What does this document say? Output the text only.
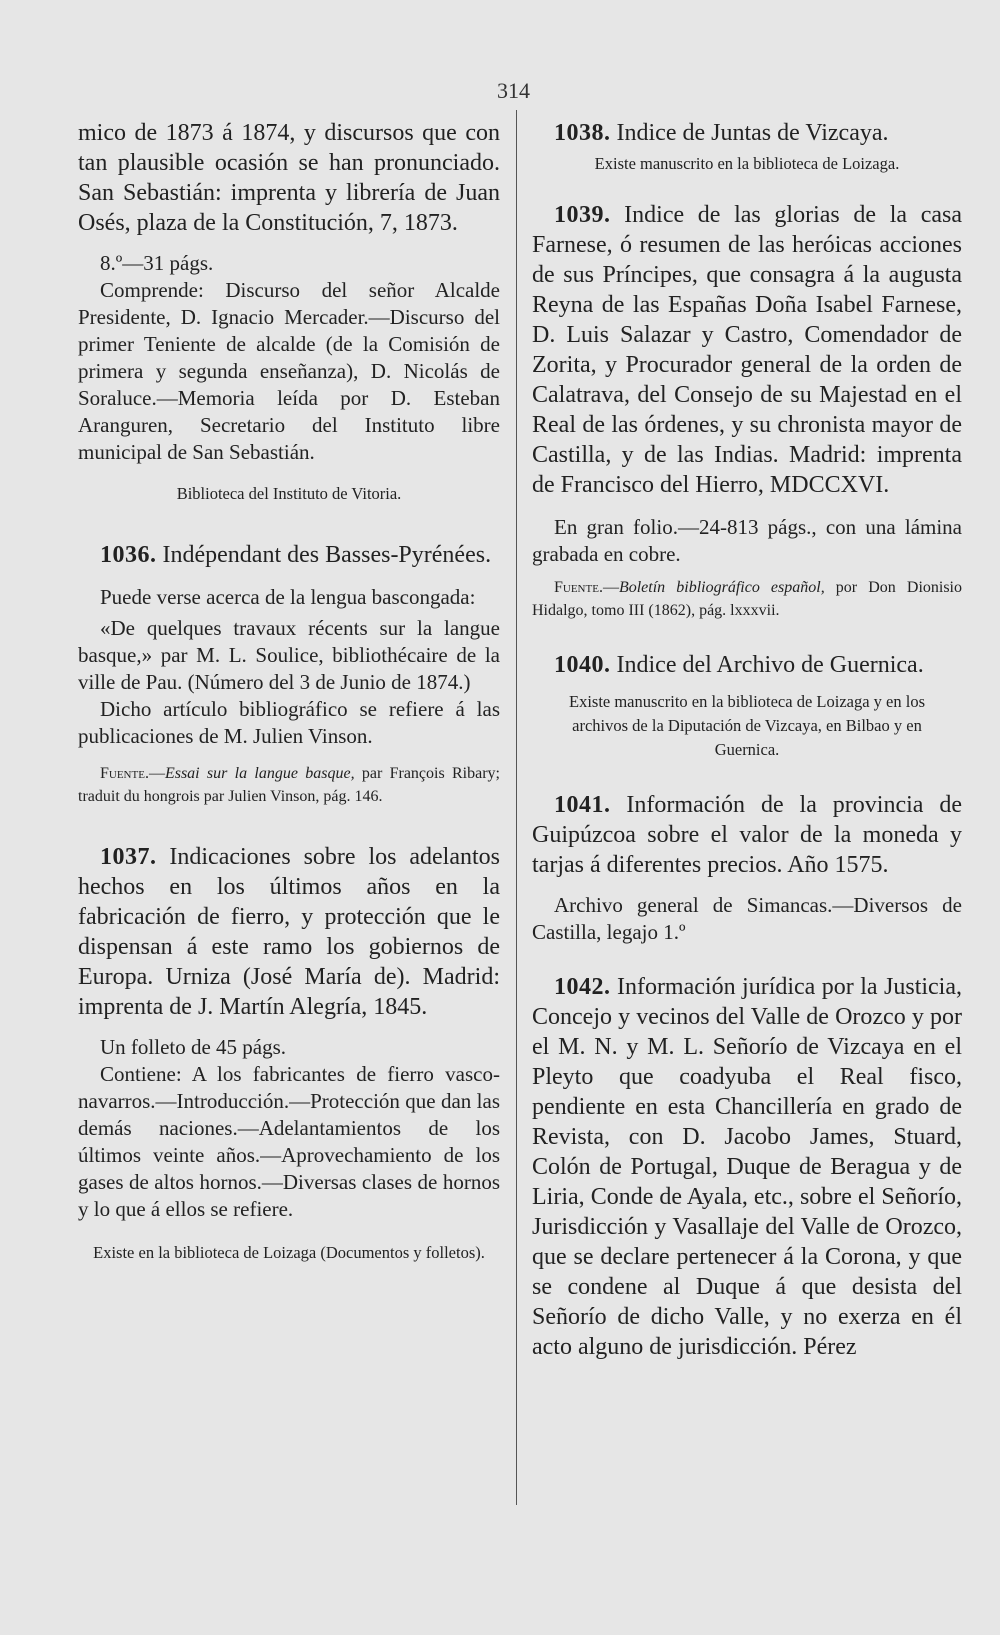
314

mico de 1873 á 1874, y discursos que con tan plausible ocasión se han pronunciado. San Sebastián: imprenta y librería de Juan Osés, plaza de la Constitución, 7, 1873.

8.º—31 págs.

Comprende: Discurso del señor Alcalde Presidente, D. Ignacio Mercader.—Discurso del primer Teniente de alcalde (de la Comisión de primera y segunda enseñanza), D. Nicolás de Soraluce.—Memoria leída por D. Esteban Aranguren, Secretario del Instituto libre municipal de San Sebastián.

Biblioteca del Instituto de Vitoria.

1036. Indépendant des Basses-Pyrénées.

Puede verse acerca de la lengua bascongada:

«De quelques travaux récents sur la langue basque,» par M. L. Soulice, bibliothécaire de la ville de Pau. (Número del 3 de Junio de 1874.)

Dicho artículo bibliográfico se refiere á las publicaciones de M. Julien Vinson.

Fuente.—Essai sur la langue basque, par François Ribary; traduit du hongrois par Julien Vinson, pág. 146.

1037. Indicaciones sobre los adelantos hechos en los últimos años en la fabricación de fierro, y protección que le dispensan á este ramo los gobiernos de Europa. Urniza (José María de). Madrid: imprenta de J. Martín Alegría, 1845.

Un folleto de 45 págs.

Contiene: A los fabricantes de fierro vasco-navarros.—Introducción.—Protección que dan las demás naciones.—Adelantamientos de los últimos veinte años.—Aprovechamiento de los gases de altos hornos.—Diversas clases de hornos y lo que á ellos se refiere.

Existe en la biblioteca de Loizaga (Documentos y folletos).

1038. Indice de Juntas de Vizcaya.

Existe manuscrito en la biblioteca de Loizaga.

1039. Indice de las glorias de la casa Farnese, ó resumen de las heróicas acciones de sus Príncipes, que consagra á la augusta Reyna de las Españas Doña Isabel Farnese, D. Luis Salazar y Castro, Comendador de Zorita, y Procurador general de la orden de Calatrava, del Consejo de su Majestad en el Real de las órdenes, y su chronista mayor de Castilla, y de las Indias. Madrid: imprenta de Francisco del Hierro, MDCCXVI.

En gran folio.—24-813 págs., con una lámina grabada en cobre.

Fuente.—Boletín bibliográfico español, por Don Dionisio Hidalgo, tomo III (1862), pág. lxxxvii.

1040. Indice del Archivo de Guernica.

Existe manuscrito en la biblioteca de Loizaga y en los archivos de la Diputación de Vizcaya, en Bilbao y en Guernica.

1041. Información de la provincia de Guipúzcoa sobre el valor de la moneda y tarjas á diferentes precios. Año 1575.

Archivo general de Simancas.—Diversos de Castilla, legajo 1.º

1042. Información jurídica por la Justicia, Concejo y vecinos del Valle de Orozco y por el M. N. y M. L. Señorío de Vizcaya en el Pleyto que coadyuba el Real fisco, pendiente en esta Chancillería en grado de Revista, con D. Jacobo James, Stuard, Colón de Portugal, Duque de Beragua y de Liria, Conde de Ayala, etc., sobre el Señorío, Jurisdicción y Vasallaje del Valle de Orozco, que se declare pertenecer á la Corona, y que se condene al Duque á que desista del Señorío de dicho Valle, y no exerza en él acto alguno de jurisdicción. Pérez
